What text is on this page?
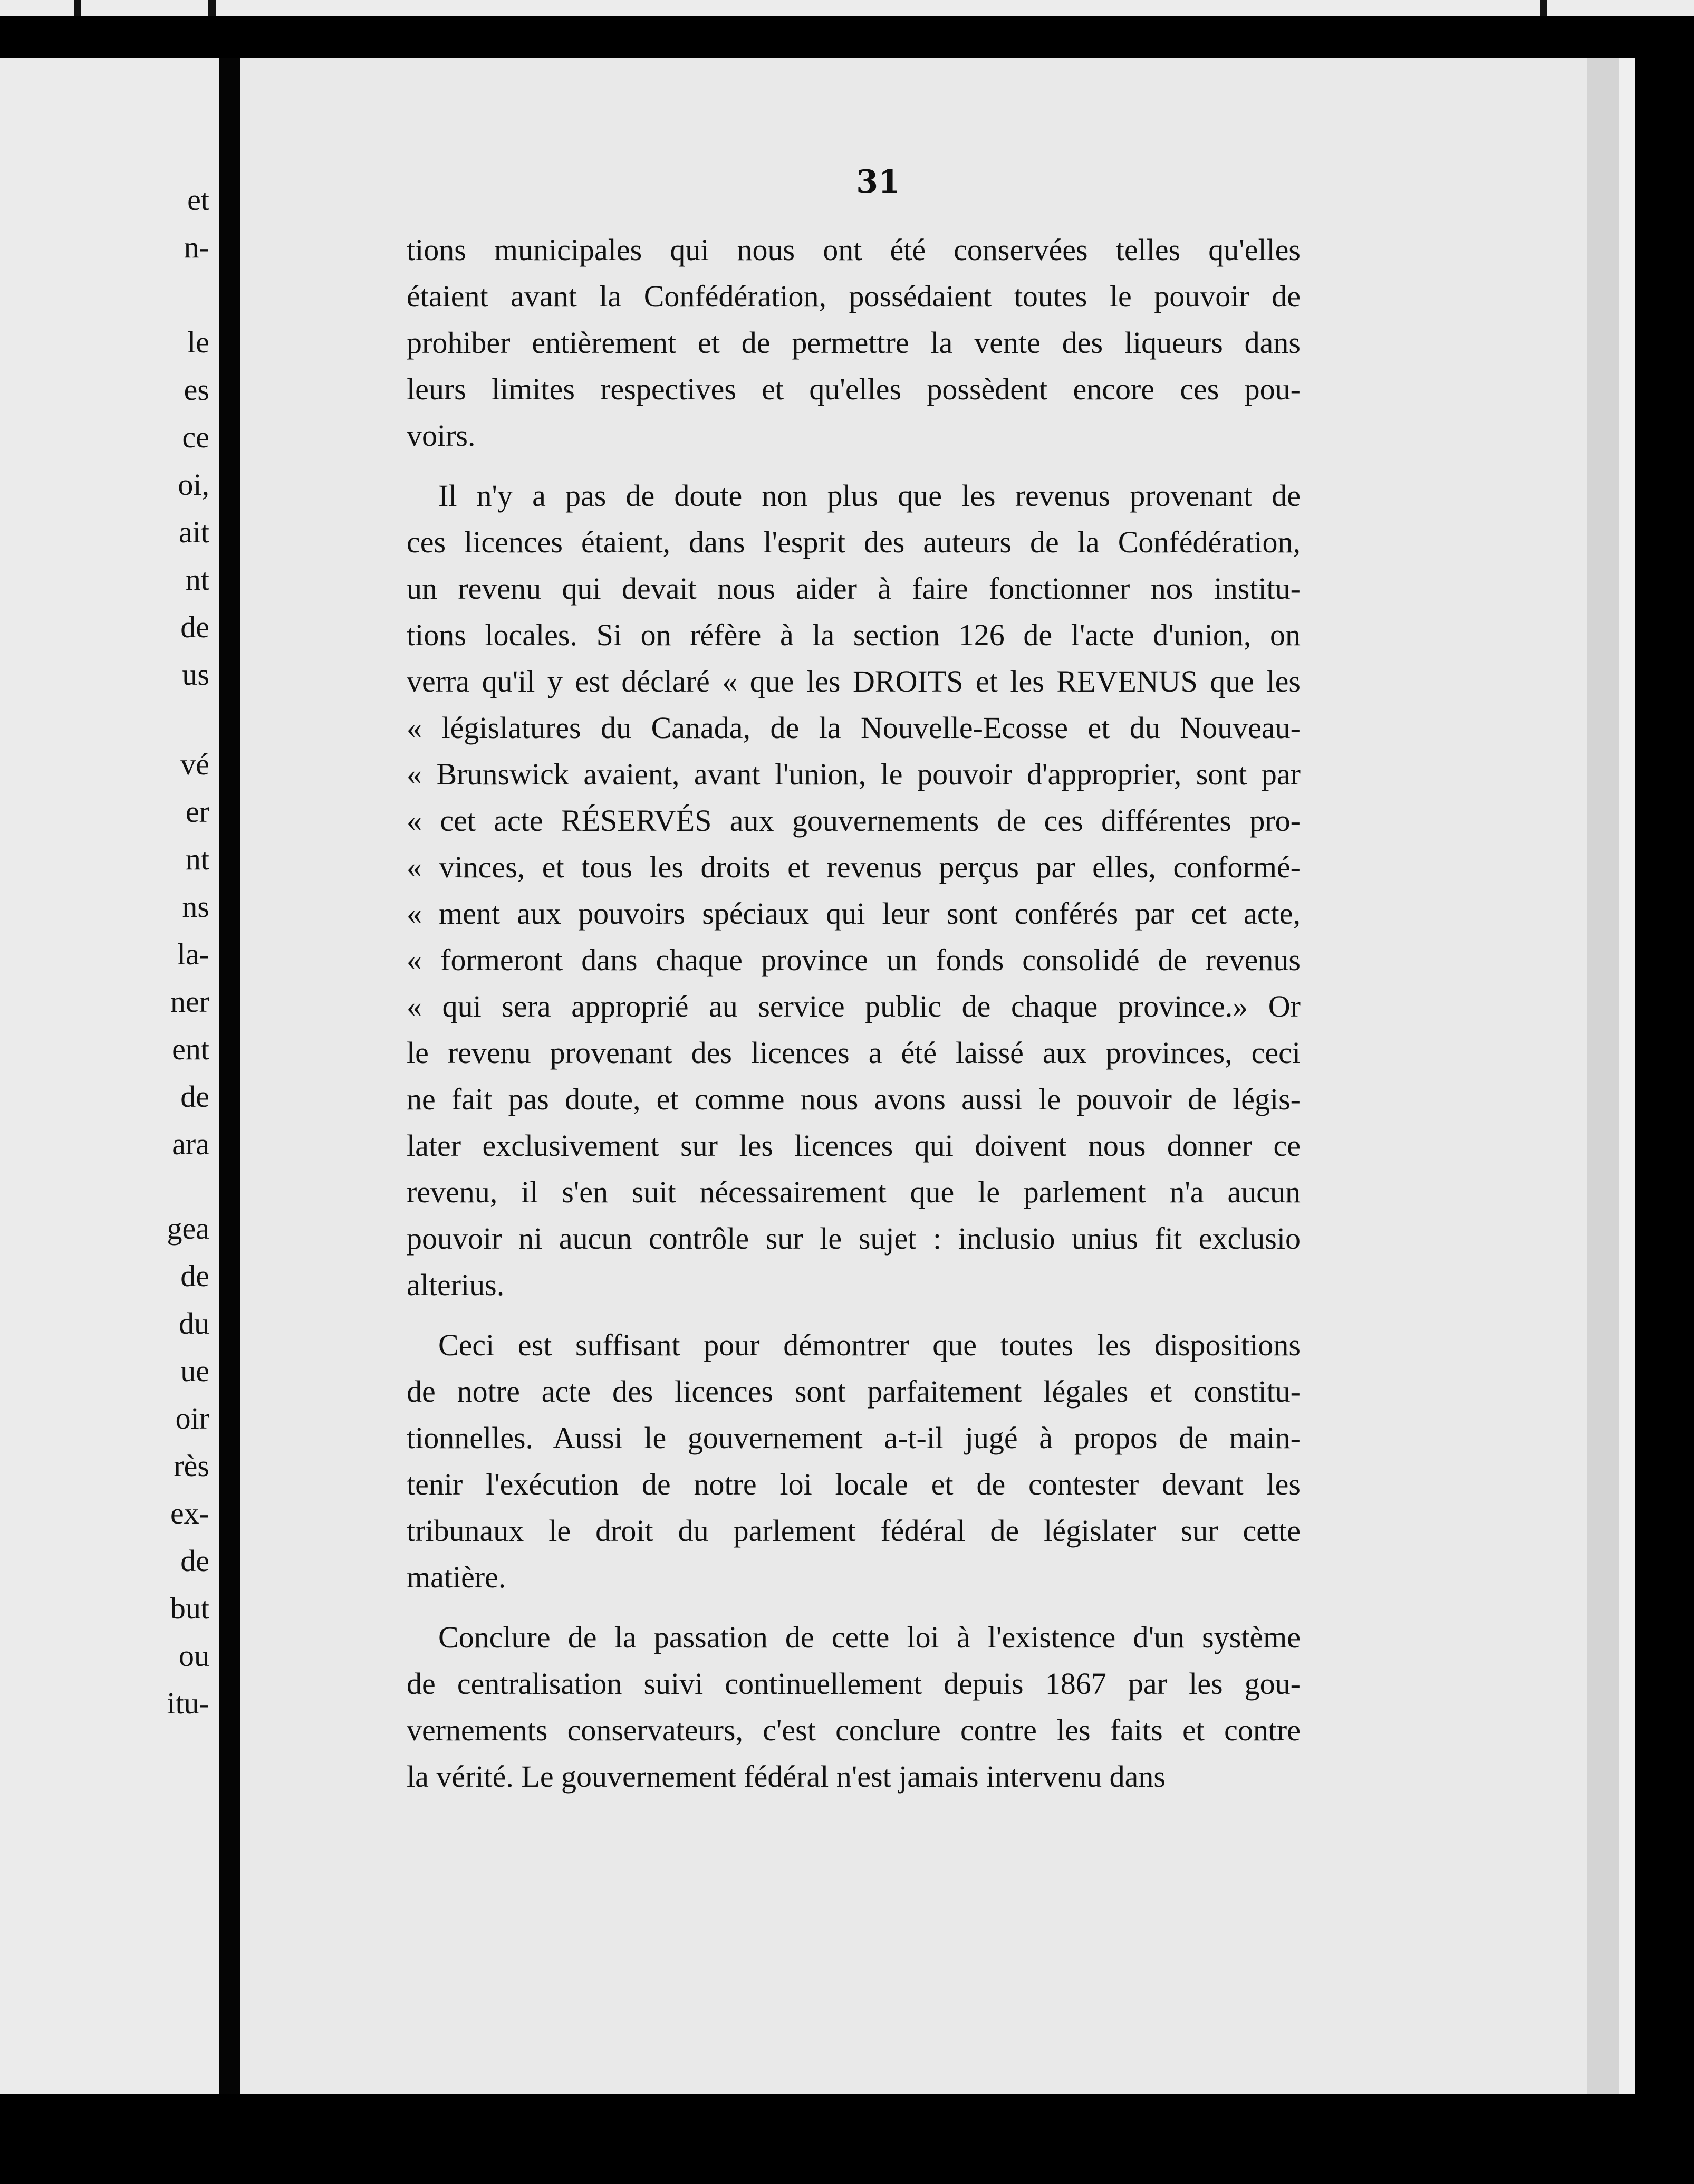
et

n-

le

es

ce

oi,

ait

nt

de

us

vé

er

nt

ns

la-

ner

ent

de

ara

gea

de

du

ue

oir

rès

ex-

de

but

ou

itu-

31

tions municipales qui nous ont été conservées telles qu'elles
étaient avant la Confédération, possédaient toutes le pouvoir de
prohiber entièrement et de permettre la vente des liqueurs dans
leurs limites respectives et qu'elles possèdent encore ces pou-
voirs.
Il n'y a pas de doute non plus que les revenus provenant de
ces licences étaient, dans l'esprit des auteurs de la Confédération,
un revenu qui devait nous aider à faire fonctionner nos institu-
tions locales. Si on réfère à la section 126 de l'acte d'union, on
verra qu'il y est déclaré « que les DROITS et les REVENUS que les
« législatures du Canada, de la Nouvelle-Ecosse et du Nouveau-
« Brunswick avaient, avant l'union, le pouvoir d'approprier, sont par
« cet acte RÉSERVÉS aux gouvernements de ces différentes pro-
« vinces, et tous les droits et revenus perçus par elles, conformé-
« ment aux pouvoirs spéciaux qui leur sont conférés par cet acte,
« formeront dans chaque province un fonds consolidé de revenus
« qui sera approprié au service public de chaque province.» Or
le revenu provenant des licences a été laissé aux provinces, ceci
ne fait pas doute, et comme nous avons aussi le pouvoir de légis-
later exclusivement sur les licences qui doivent nous donner ce
revenu, il s'en suit nécessairement que le parlement n'a aucun
pouvoir ni aucun contrôle sur le sujet : inclusio unius fit exclusio
alterius.
Ceci est suffisant pour démontrer que toutes les dispositions
de notre acte des licences sont parfaitement légales et constitu-
tionnelles. Aussi le gouvernement a-t-il jugé à propos de main-
tenir l'exécution de notre loi locale et de contester devant les
tribunaux le droit du parlement fédéral de législater sur cette
matière.
Conclure de la passation de cette loi à l'existence d'un système
de centralisation suivi continuellement depuis 1867 par les gou-
vernements conservateurs, c'est conclure contre les faits et contre
la vérité. Le gouvernement fédéral n'est jamais intervenu dans
